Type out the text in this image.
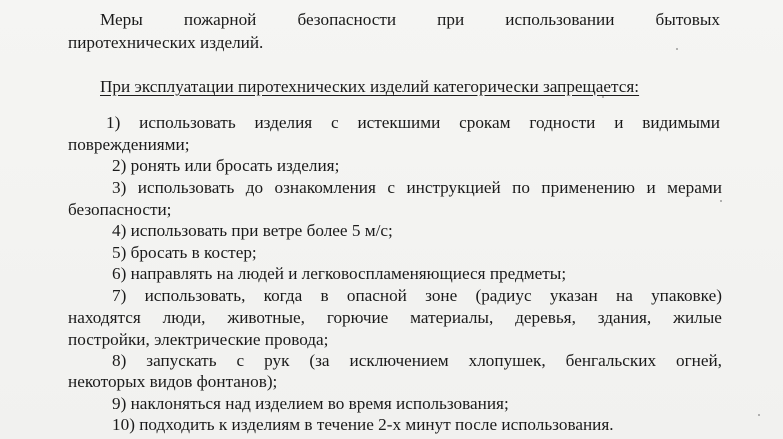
Меры пожарной безопасности при использовании бытовых
пиротехнических изделий.
При эксплуатации пиротехнических изделий категорически запрещается:
1) использовать изделия с истекшими срокам годности и видимыми
повреждениями;
2) ронять или бросать изделия;
3) использовать до ознакомления с инструкцией по применению и мерами
безопасности;
4) использовать при ветре более 5 м/с;
5) бросать в костер;
6) направлять на людей и легковоспламеняющиеся предметы;
7) использовать, когда в опасной зоне (радиус указан на упаковке)
находятся люди, животные, горючие материалы, деревья, здания, жилые
постройки, электрические провода;
8) запускать с рук (за исключением хлопушек, бенгальских огней,
некоторых видов фонтанов);
9) наклоняться над изделием во время использования;
10) подходить к изделиям в течение 2-х минут после использования.
